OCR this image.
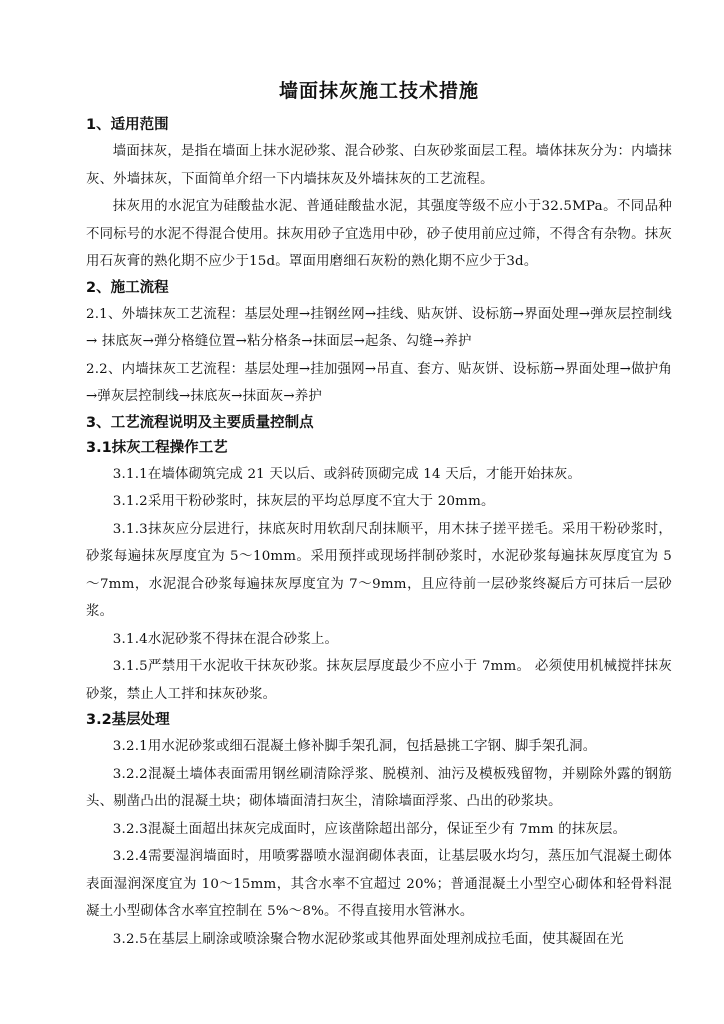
墙面抹灰施工技术措施
1、适用范围

墙面抹灰，是指在墙面上抹水泥砂浆、混合砂浆、白灰砂浆面层工程。墙体抹灰分为：内墙抹灰、外墙抹灰，下面简单介绍一下内墙抹灰及外墙抹灰的工艺流程。

抹灰用的水泥宜为硅酸盐水泥、普通硅酸盐水泥，其强度等级不应小于32.5MPa。不同品种不同标号的水泥不得混合使用。抹灰用砂子宜选用中砂，砂子使用前应过筛，不得含有杂物。抹灰用石灰膏的熟化期不应少于15d。罩面用磨细石灰粉的熟化期不应少于3d。

2、施工流程

2.1、外墙抹灰工艺流程：基层处理→挂钢丝网→挂线、贴灰饼、设标筋→界面处理→弹灰层控制线→ 抹底灰→弹分格缝位置→粘分格条→抹面层→起条、勾缝→养护

2.2、内墙抹灰工艺流程：基层处理→挂加强网→吊直、套方、贴灰饼、设标筋→界面处理→做护角→弹灰层控制线→抹底灰→抹面灰→养护

3、工艺流程说明及主要质量控制点
3.1抹灰工程操作工艺

3.1.1在墙体砌筑完成 21 天以后、或斜砖顶砌完成 14 天后，才能开始抹灰。

3.1.2采用干粉砂浆时，抹灰层的平均总厚度不宜大于 20mm。

3.1.3抹灰应分层进行，抹底灰时用软刮尺刮抹顺平，用木抹子搓平搓毛。采用干粉砂浆时，砂浆每遍抹灰厚度宜为 5～10mm。采用预拌或现场拌制砂浆时，水泥砂浆每遍抹灰厚度宜为 5～7mm，水泥混合砂浆每遍抹灰厚度宜为 7～9mm，且应待前一层砂浆终凝后方可抹后一层砂浆。

3.1.4水泥砂浆不得抹在混合砂浆上。

3.1.5严禁用干水泥收干抹灰砂浆。抹灰层厚度最少不应小于 7mm。 必须使用机械搅拌抹灰砂浆，禁止人工拌和抹灰砂浆。

3.2基层处理

3.2.1用水泥砂浆或细石混凝土修补脚手架孔洞，包括悬挑工字钢、脚手架孔洞。

3.2.2混凝土墙体表面需用钢丝刷清除浮浆、脱模剂、油污及模板残留物，并剔除外露的钢筋头、剔凿凸出的混凝土块；砌体墙面清扫灰尘，清除墙面浮浆、凸出的砂浆块。

3.2.3混凝土面超出抹灰完成面时，应该凿除超出部分，保证至少有 7mm 的抹灰层。

3.2.4需要湿润墙面时，用喷雾器喷水湿润砌体表面，让基层吸水均匀，蒸压加气混凝土砌体表面湿润深度宜为 10～15mm，其含水率不宜超过 20%；普通混凝土小型空心砌体和轻骨料混凝土小型砌体含水率宜控制在 5%～8%。不得直接用水管淋水。

3.2.5在基层上刷涂或喷涂聚合物水泥砂浆或其他界面处理剂成拉毛面，使其凝固在光
